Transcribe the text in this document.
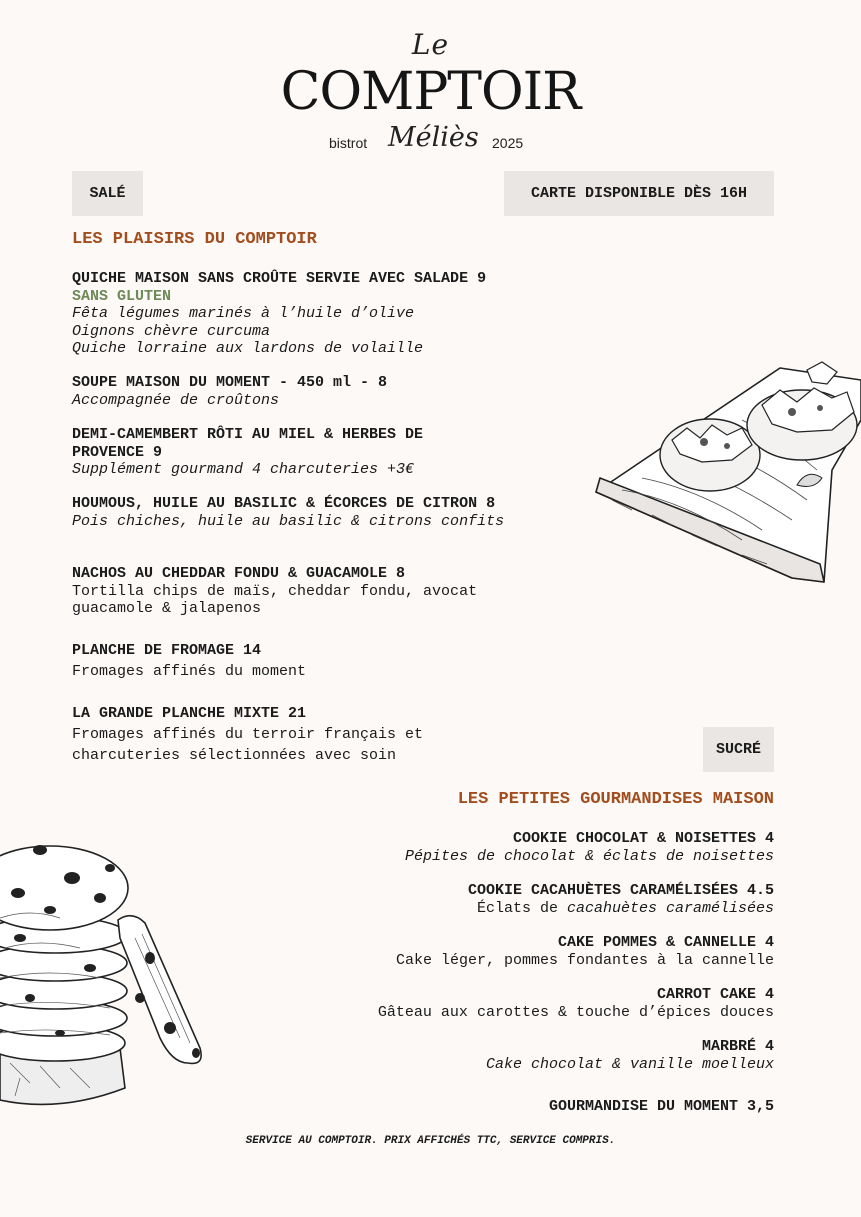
Le
COMPTOIR
bistrot Méliès 2025
SALÉ	CARTE DISPONIBLE DÈS 16H
SUCRÉ
LES PLAISIRS DU COMPTOIR
LES PETITES GOURMANDISES MAISON
QUICHE MAISON SANS CROÛTE SERVIE AVEC SALADE 9
SANS GLUTEN
Fêta légumes marinés à l’huile d’olive
Oignons chèvre curcuma
Quiche lorraine aux lardons de volaille
SOUPE MAISON DU MOMENT - 450 ml - 8
Accompagnée de croûtons
DEMI-CAMEMBERT RÔTI AU MIEL & HERBES DE PROVENCE 9
Supplément gourmand 4 charcuteries +3€
HOUMOUS, HUILE AU BASILIC & ÉCORCES DE CITRON 8
Pois chiches, huile au basilic & citrons confits
NACHOS AU CHEDDAR FONDU & GUACAMOLE 8
Tortilla chips de maïs, cheddar fondu, avocat
guacamole & jalapenos
PLANCHE DE FROMAGE 14
Fromages affinés du moment
LA GRANDE PLANCHE MIXTE 21
Fromages affinés du terroir français et
charcuteries sélectionnées avec soin
COOKIE CHOCOLAT & NOISETTES 4
Pépites de chocolat & éclats de noisettes
COOKIE CACAHUÈTES CARAMÉLISÉES 4.5
Éclats de cacahuètes caramélisées
CAKE POMMES & CANNELLE 4
Cake léger, pommes fondantes à la cannelle
CARROT CAKE 4
Gâteau aux carottes & touche d’épices douces
MARBRÉ 4
Cake chocolat & vanille moelleux
GOURMANDISE DU MOMENT 3,5
SERVICE AU COMPTOIR. PRIX AFFICHÉS TTC, SERVICE COMPRIS.
